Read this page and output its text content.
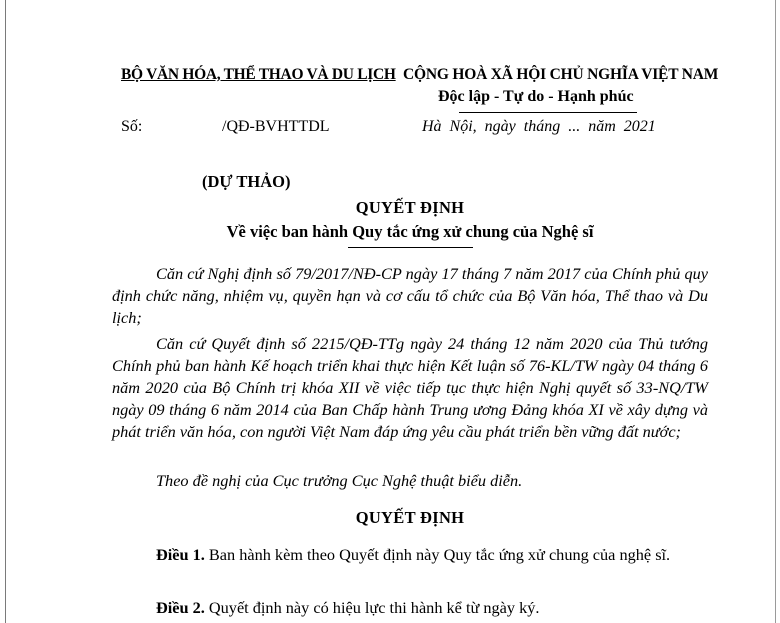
BỘ VĂN HÓA, THỂ THAO VÀ DU LỊCH CỘNG HOÀ XÃ HỘI CHỦ NGHĨA VIỆT NAM
Độc lập - Tự do - Hạnh phúc
Số:	/QĐ-BVHTTDL	Hà Nội, ngày tháng ... năm 2021
(DỰ THẢO)
QUYẾT ĐỊNH
Về việc ban hành Quy tắc ứng xử chung của Nghệ sĩ
Căn cứ Nghị định số 79/2017/NĐ-CP ngày 17 tháng 7 năm 2017 của Chính phủ quy định chức năng, nhiệm vụ, quyền hạn và cơ cấu tổ chức của Bộ Văn hóa, Thể thao và Du lịch;
Căn cứ Quyết định số 2215/QĐ-TTg ngày 24 tháng 12 năm 2020 của Thủ tướng Chính phủ ban hành Kế hoạch triển khai thực hiện Kết luận số 76-KL/TW ngày 04 tháng 6 năm 2020 của Bộ Chính trị khóa XII về việc tiếp tục thực hiện Nghị quyết số 33-NQ/TW ngày 09 tháng 6 năm 2014 của Ban Chấp hành Trung ương Đảng khóa XI về xây dựng và phát triển văn hóa, con người Việt Nam đáp ứng yêu cầu phát triển bền vững đất nước;
Theo đề nghị của Cục trưởng Cục Nghệ thuật biểu diễn.
QUYẾT ĐỊNH
Điều 1. Ban hành kèm theo Quyết định này Quy tắc ứng xử chung của nghệ sĩ.
Điều 2. Quyết định này có hiệu lực thi hành kể từ ngày ký.
